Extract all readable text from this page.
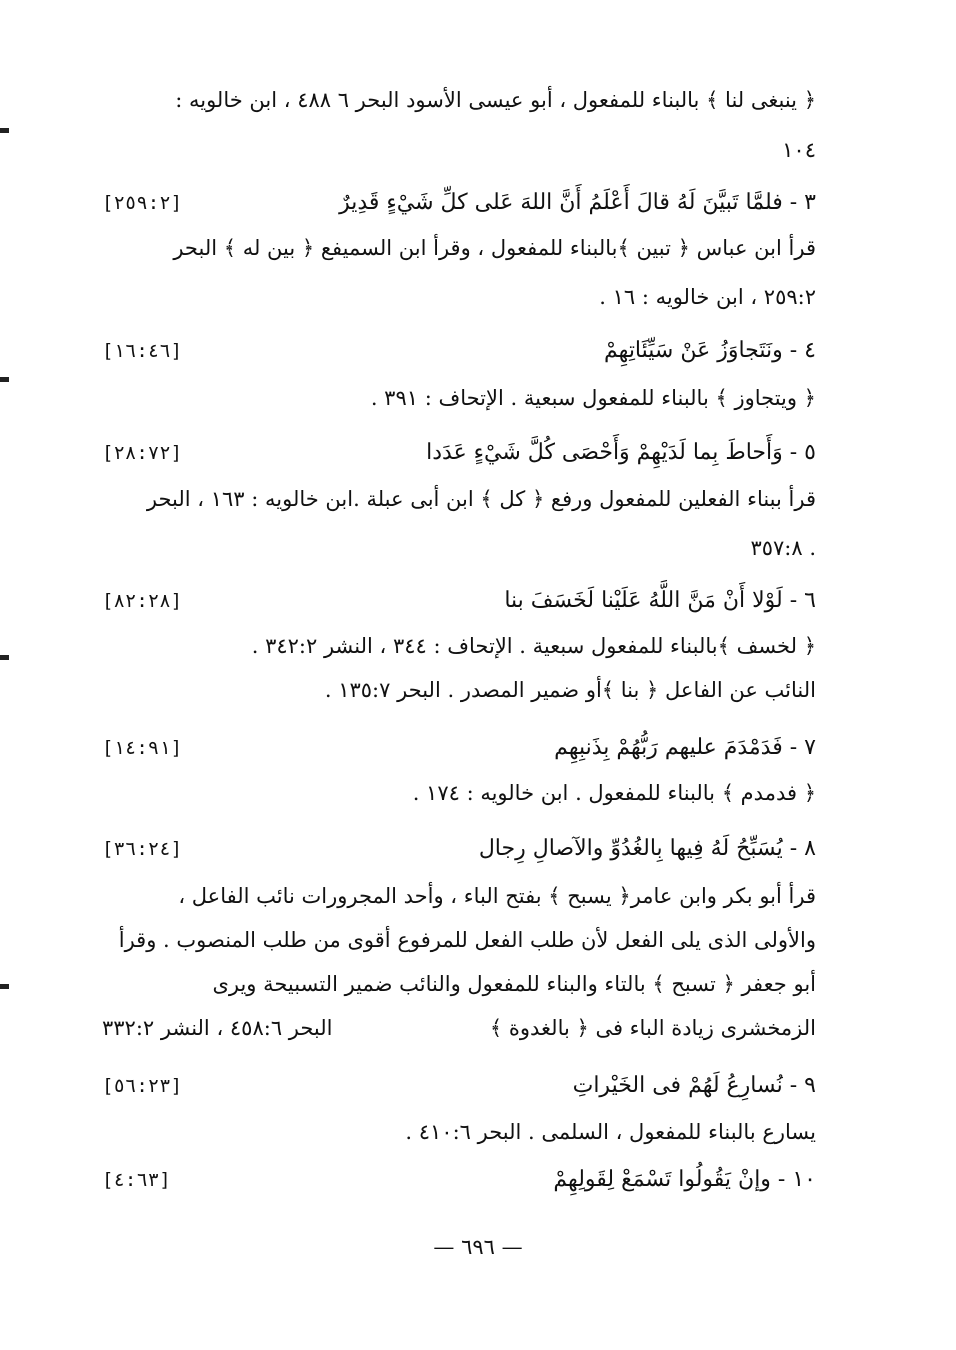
﴿ ينبغى لنا ﴾ بالبناء للمفعول ، أبو عيسى الأسود البحر ٦ ٤٨٨ ، ابن خالويه :
١٠٤
٣ - فلمَّا تَبيَّنَ لَهُ قالَ أَعْلَمُ أَنَّ اللهَ عَلى كلِّ شَيْءٍ قَدِيرٌ
[٢٥٩:٢]
قرأ ابن عباس ﴿ تبين ﴾بالبناء للمفعول ، وقرأ ابن السميفع ﴿ بين له ﴾ البحر
٢٥٩:٢ ، ابن خالويه : ١٦ .
٤ - ونَتَجاوَزُ عَنْ سَيِّئَاتِهِمْ
[١٦:٤٦]
﴿ ويتجاوز ﴾ بالبناء للمفعول سبعية . الإتحاف : ٣٩١ .
٥ - وَأَحاطَ بِما لَدَيْهِمْ وَأَحْصَى كُلَّ شَيْءٍ عَدَدا
[٢٨:٧٢]
قرأ ببناء الفعلين للمفعول ورفع ﴿ كل ﴾ ابن أبى عبلة .ابن خالويه : ١٦٣ ، البحر
. ٣٥٧:٨
٦ - لَوْلا أَنْ مَنَّ اللَّهُ عَلَيْنا لَخَسَفَ بنا
[٨٢:٢٨]
﴿ لخسف ﴾بالبناء للمفعول سبعية . الإتحاف : ٣٤٤ ، النشر ٣٤٢:٢ .
النائب عن الفاعل ﴿ بنا ﴾أو ضمير المصدر . البحر ١٣٥:٧ .
٧ - فَدَمْدَمَ عليهم رَبُّهُمْ بِذَنبِهِم
[١٤:٩١]
﴿ فدمدم ﴾ بالبناء للمفعول . ابن خالويه : ١٧٤ .
٨ - يُسَبِّحُ لَهُ فِيها بِالغُدُوِّ والآصالِ رِجال
[٣٦:٢٤]
قرأ أبو بكر وابن عامر﴿ يسبح ﴾ بفتح الباء ، وأحد المجرورات نائب الفاعل ،
والأولى الذى يلى الفعل لأن طلب الفعل للمرفوع أقوى من طلب المنصوب . وقرأ
أبو جعفر ﴿ تسبح ﴾ بالتاء والبناء للمفعول والنائب ضمير التسبيحة ويرى
الزمخشرى زيادة الباء فى ﴿ بالغدوة ﴾
البحر ٤٥٨:٦ ، النشر ٣٣٢:٢
٩ - نُسارِعُ لَهُمْ فى الخَيْراتِ
[٥٦:٢٣]
يسارع بالبناء للمفعول ، السلمى . البحر ٤١٠:٦ .
١٠ - وإنْ يَقُولُوا تَسْمَعْ لِقَولِهِمْ
[٤:٦٣]
— ٦٩٦ —
